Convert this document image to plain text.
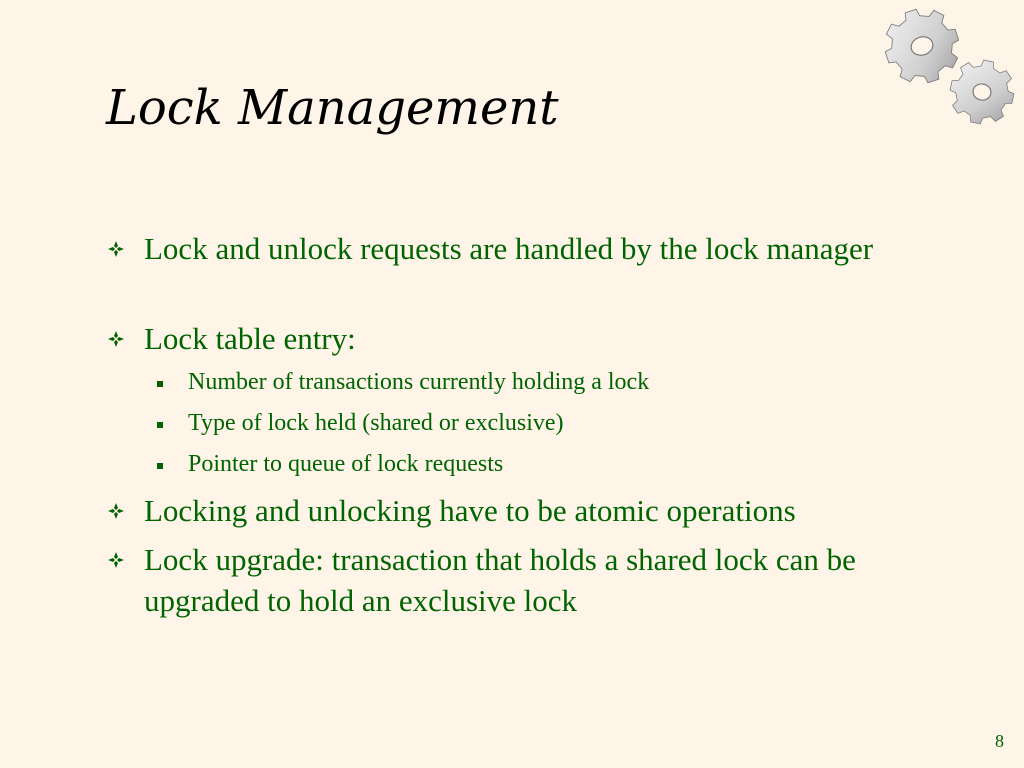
Lock Management
Lock and unlock requests are handled by the lock manager
Lock table entry:
Number of transactions currently holding a lock
Type of lock held (shared or exclusive)
Pointer to queue of lock requests
Locking and unlocking have to be atomic operations
Lock upgrade: transaction that holds a shared lock can be upgraded to hold an exclusive lock
8
